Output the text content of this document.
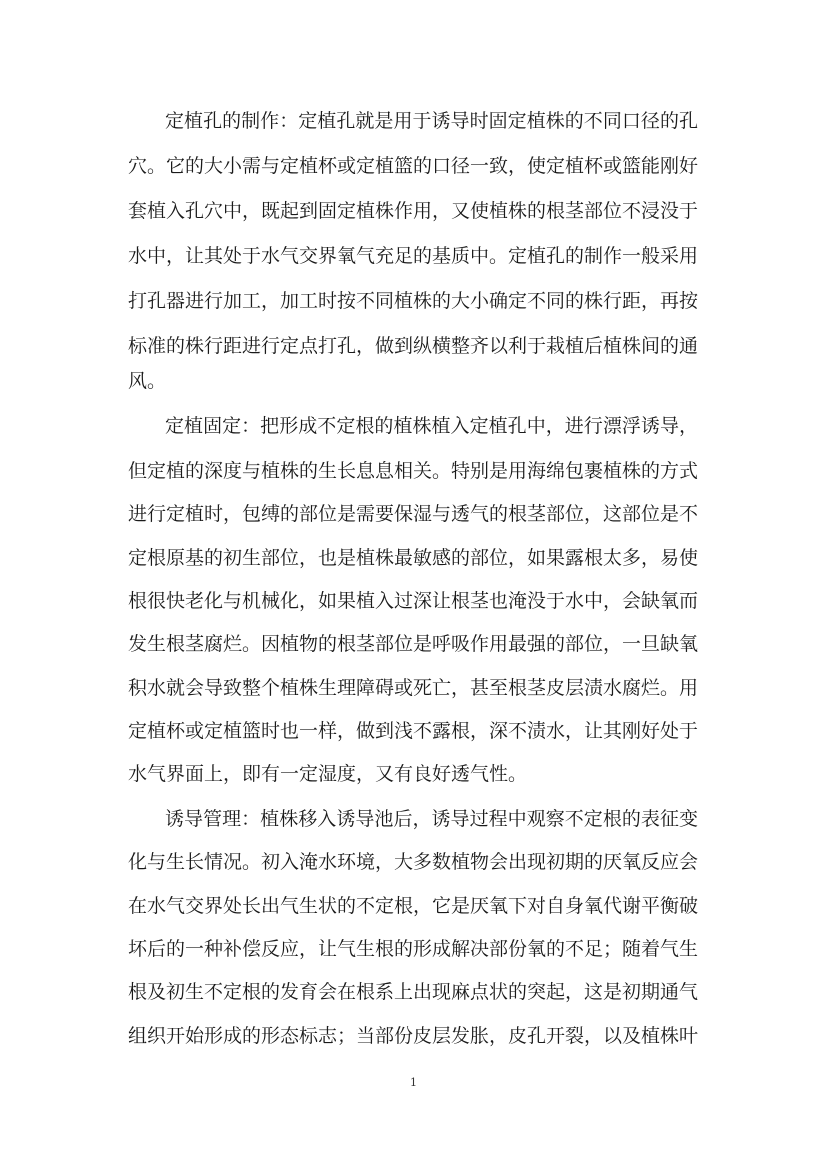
定植孔的制作：定植孔就是用于诱导时固定植株的不同口径的孔
穴。它的大小需与定植杯或定植篮的口径一致，使定植杯或篮能刚好
套植入孔穴中，既起到固定植株作用，又使植株的根茎部位不浸没于
水中，让其处于水气交界氧气充足的基质中。定植孔的制作一般采用
打孔器进行加工，加工时按不同植株的大小确定不同的株行距，再按
标准的株行距进行定点打孔，做到纵横整齐以利于栽植后植株间的通
风。
定植固定：把形成不定根的植株植入定植孔中，进行漂浮诱导，
但定植的深度与植株的生长息息相关。特别是用海绵包裹植株的方式
进行定植时，包缚的部位是需要保湿与透气的根茎部位，这部位是不
定根原基的初生部位，也是植株最敏感的部位，如果露根太多，易使
根很快老化与机械化，如果植入过深让根茎也淹没于水中，会缺氧而
发生根茎腐烂。因植物的根茎部位是呼吸作用最强的部位，一旦缺氧
积水就会导致整个植株生理障碍或死亡，甚至根茎皮层渍水腐烂。用
定植杯或定植篮时也一样，做到浅不露根，深不渍水，让其刚好处于
水气界面上，即有一定湿度，又有良好透气性。
诱导管理：植株移入诱导池后，诱导过程中观察不定根的表征变
化与生长情况。初入淹水环境，大多数植物会出现初期的厌氧反应会
在水气交界处长出气生状的不定根，它是厌氧下对自身氧代谢平衡破
坏后的一种补偿反应，让气生根的形成解决部份氧的不足；随着气生
根及初生不定根的发育会在根系上出现麻点状的突起，这是初期通气
组织开始形成的形态标志；当部份皮层发胀，皮孔开裂，以及植株叶
1
